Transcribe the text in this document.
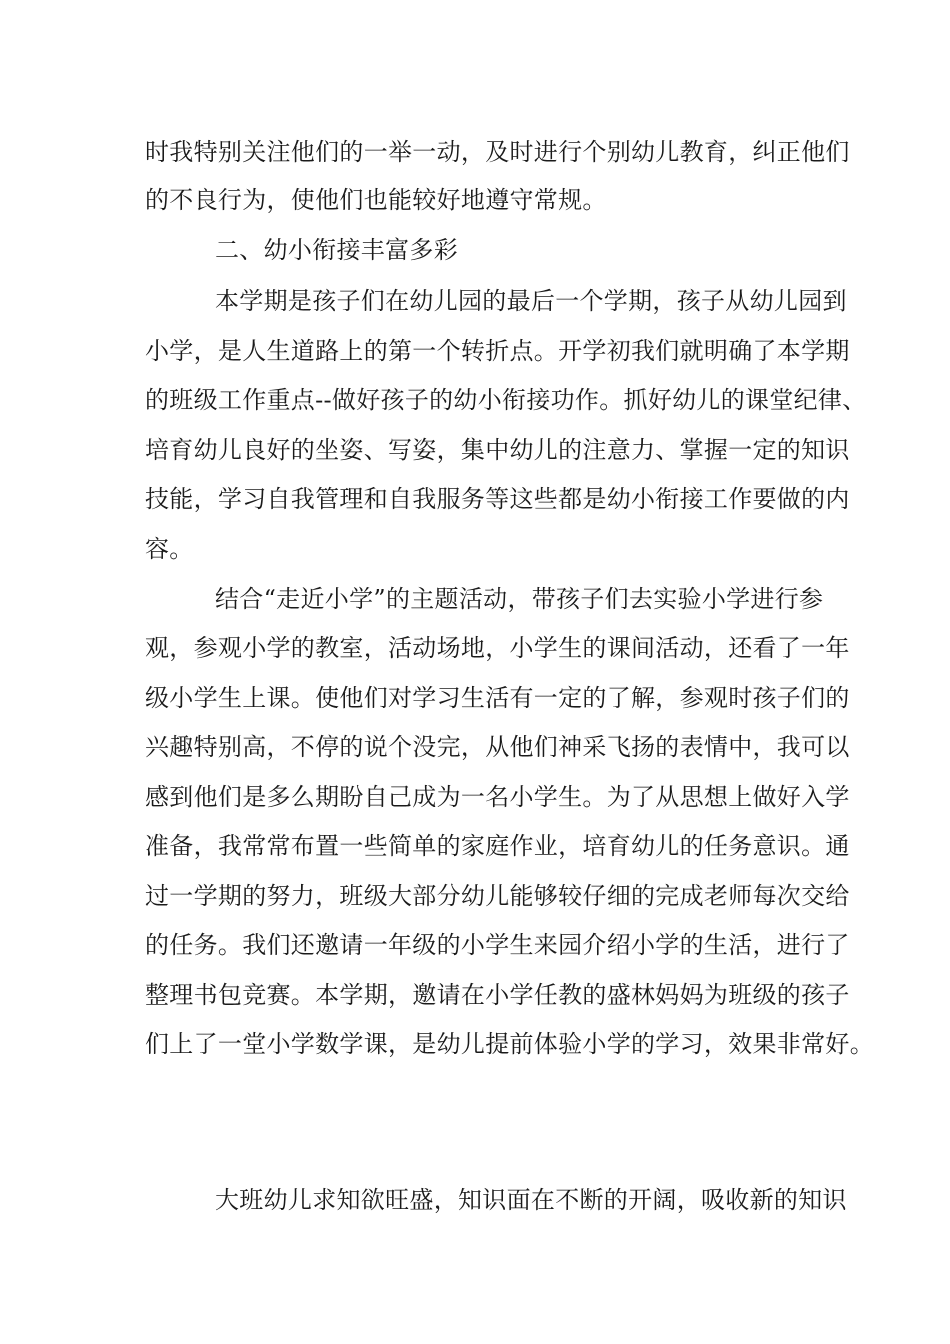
时我特别关注他们的一举一动，及时进行个别幼儿教育，纠正他们
的不良行为，使他们也能较好地遵守常规。
二、幼小衔接丰富多彩
本学期是孩子们在幼儿园的最后一个学期，孩子从幼儿园到
小学，是人生道路上的第一个转折点。开学初我们就明确了本学期
的班级工作重点--做好孩子的幼小衔接功作。抓好幼儿的课堂纪律、
培育幼儿良好的坐姿、写姿，集中幼儿的注意力、掌握一定的知识
技能，学习自我管理和自我服务等这些都是幼小衔接工作要做的内
容。
结合“走近小学”的主题活动，带孩子们去实验小学进行参
观，参观小学的教室，活动场地，小学生的课间活动，还看了一年
级小学生上课。使他们对学习生活有一定的了解，参观时孩子们的
兴趣特别高，不停的说个没完，从他们神采飞扬的表情中，我可以
感到他们是多么期盼自己成为一名小学生。为了从思想上做好入学
准备，我常常布置一些简单的家庭作业，培育幼儿的任务意识。通
过一学期的努力，班级大部分幼儿能够较仔细的完成老师每次交给
的任务。我们还邀请一年级的小学生来园介绍小学的生活，进行了
整理书包竞赛。本学期，邀请在小学任教的盛林妈妈为班级的孩子
们上了一堂小学数学课，是幼儿提前体验小学的学习，效果非常好。
大班幼儿求知欲旺盛，知识面在不断的开阔，吸收新的知识
